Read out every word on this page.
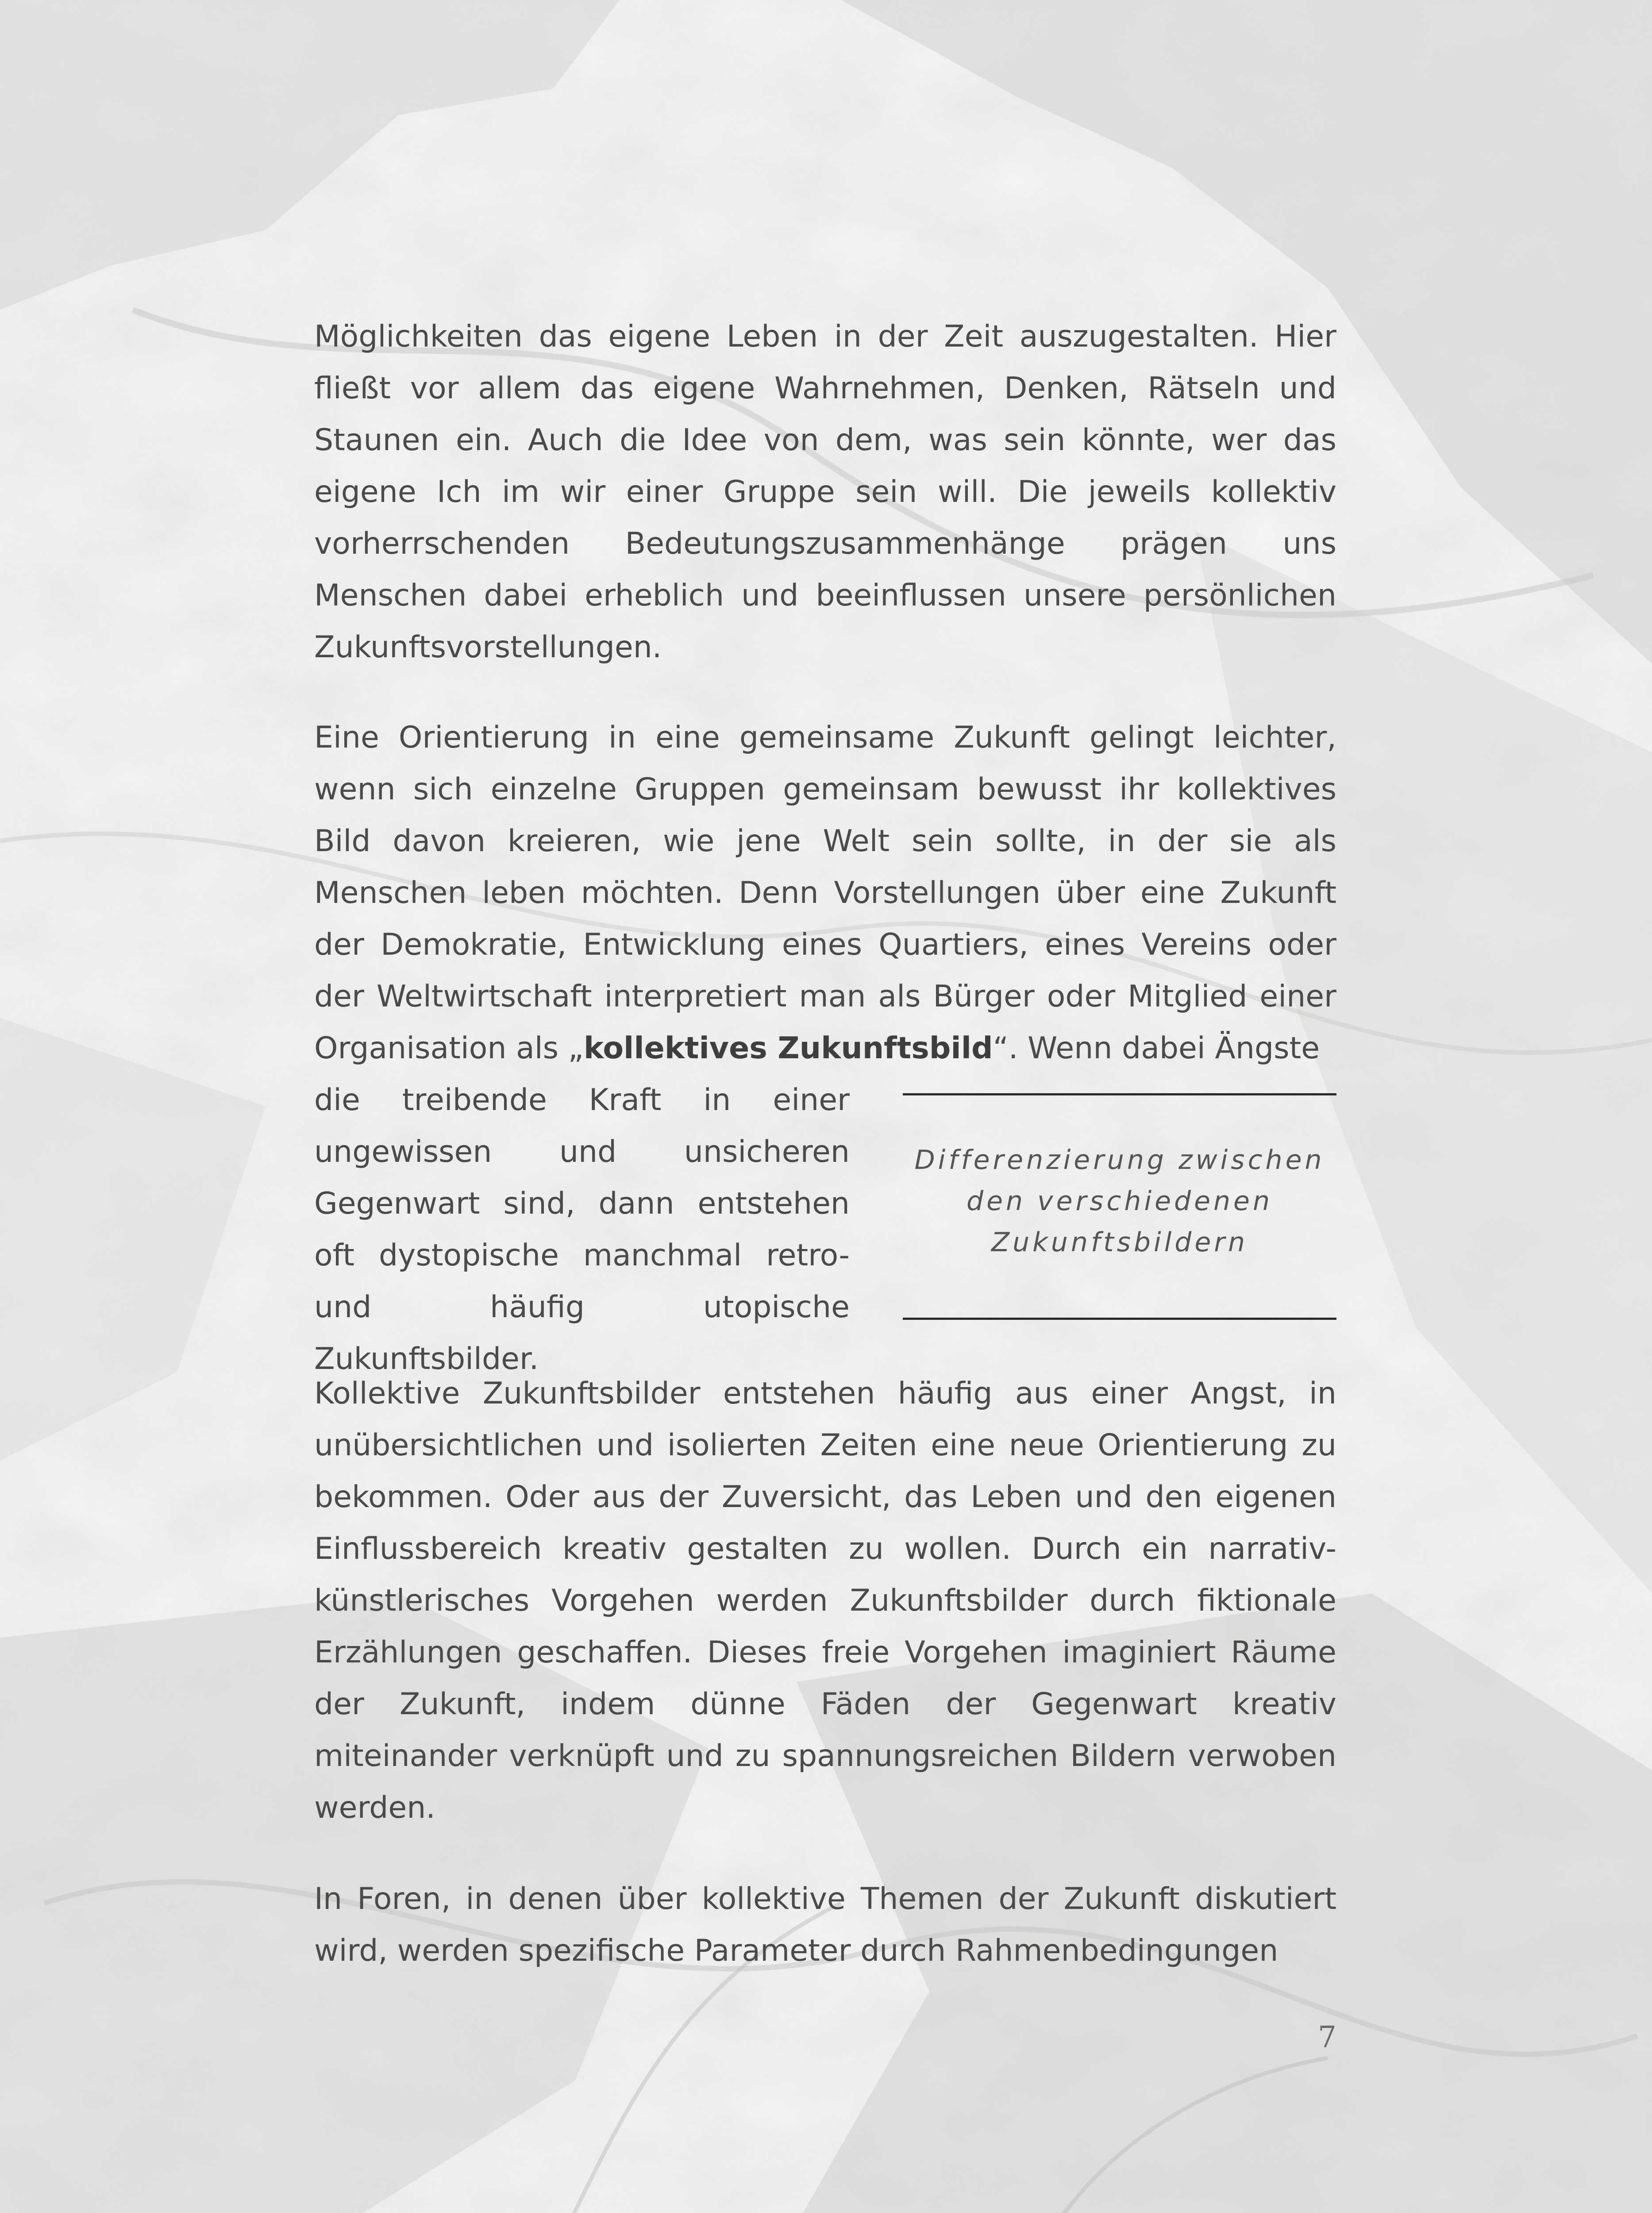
Möglichkeiten das eigene Leben in der Zeit auszugestalten. Hier fließt vor allem das eigene Wahrnehmen, Denken, Rätseln und Staunen ein. Auch die Idee von dem, was sein könnte, wer das eigene Ich im wir einer Gruppe sein will. Die jeweils kollektiv vorherrschenden Bedeutungszusammenhänge prägen uns Menschen dabei erheblich und beeinflussen unsere persönlichen Zukunftsvorstellungen.

Eine Orientierung in eine gemeinsame Zukunft gelingt leichter, wenn sich einzelne Gruppen gemeinsam bewusst ihr kollektives Bild davon kreieren, wie jene Welt sein sollte, in der sie als Menschen leben möchten. Denn Vorstellungen über eine Zukunft der Demokratie, Entwicklung eines Quartiers, eines Vereins oder der Weltwirtschaft interpretiert man als Bürger oder Mitglied einer Organisation als „kollektives Zukunftsbild“. Wenn dabei Ängste

die treibende Kraft in einer ungewissen und unsicheren Gegenwart sind, dann entstehen oft dystopische manchmal retro- und häufig utopische Zukunftsbilder.

Differenzierung zwischen den verschiedenen Zukunftsbildern

Kollektive Zukunftsbilder entstehen häufig aus einer Angst, in unübersichtlichen und isolierten Zeiten eine neue Orientierung zu bekommen. Oder aus der Zuversicht, das Leben und den eigenen Einflussbereich kreativ gestalten zu wollen. Durch ein narrativ-künstlerisches Vorgehen werden Zukunftsbilder durch fiktionale Erzählungen geschaffen. Dieses freie Vorgehen imaginiert Räume der Zukunft, indem dünne Fäden der Gegenwart kreativ miteinander verknüpft und zu spannungsreichen Bildern verwoben werden.

In Foren, in denen über kollektive Themen der Zukunft diskutiert wird, werden spezifische Parameter durch Rahmenbedingungen

7
